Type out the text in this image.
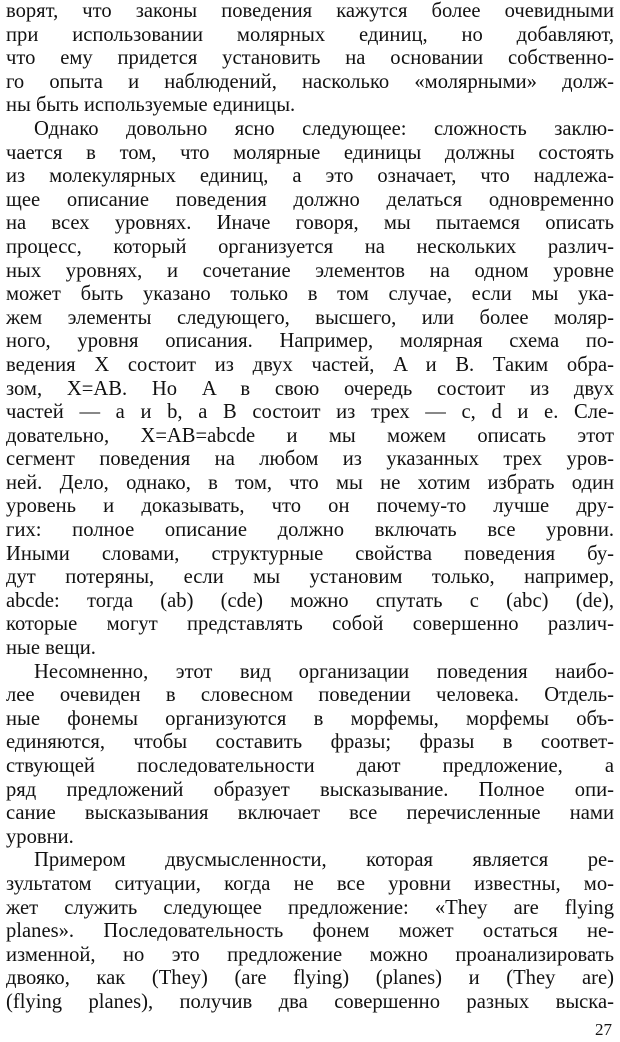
ворят, что законы поведения кажутся более очевидными
при использовании молярных единиц, но добавляют,
что ему придется установить на основании собственно-
го опыта и наблюдений, насколько «молярными» долж-
ны быть используемые единицы.
Однако довольно ясно следующее: сложность заклю-
чается в том, что молярные единицы должны состоять
из молекулярных единиц, а это означает, что надлежа-
щее описание поведения должно делаться одновременно
на всех уровнях. Иначе говоря, мы пытаемся описать
процесс, который организуется на нескольких различ-
ных уровнях, и сочетание элементов на одном уровне
может быть указано только в том случае, если мы ука-
жем элементы следующего, высшего, или более моляр-
ного, уровня описания. Например, молярная схема по-
ведения X состоит из двух частей, A и B. Таким обра-
зом, X=AB. Но A в свою очередь состоит из двух
частей — a и b, а B состоит из трех — c, d и e. Сле-
довательно, X=AB=abcde и мы можем описать этот
сегмент поведения на любом из указанных трех уров-
ней. Дело, однако, в том, что мы не хотим избрать один
уровень и доказывать, что он почему-то лучше дру-
гих: полное описание должно включать все уровни.
Иными словами, структурные свойства поведения бу-
дут потеряны, если мы установим только, например,
abcde: тогда (ab) (cde) можно спутать с (abc) (de),
которые могут представлять собой совершенно различ-
ные вещи.
Несомненно, этот вид организации поведения наибо-
лее очевиден в словесном поведении человека. Отдель-
ные фонемы организуются в морфемы, морфемы объ-
единяются, чтобы составить фразы; фразы в соответ-
ствующей последовательности дают предложение, а
ряд предложений образует высказывание. Полное опи-
сание высказывания включает все перечисленные нами
уровни.
Примером двусмысленности, которая является ре-
зультатом ситуации, когда не все уровни известны, мо-
жет служить следующее предложение: «They are flying
planes». Последовательность фонем может остаться не-
изменной, но это предложение можно проанализировать
двояко, как (They) (are flying) (planes) и (They are)
(flying planes), получив два совершенно разных выска-
27
